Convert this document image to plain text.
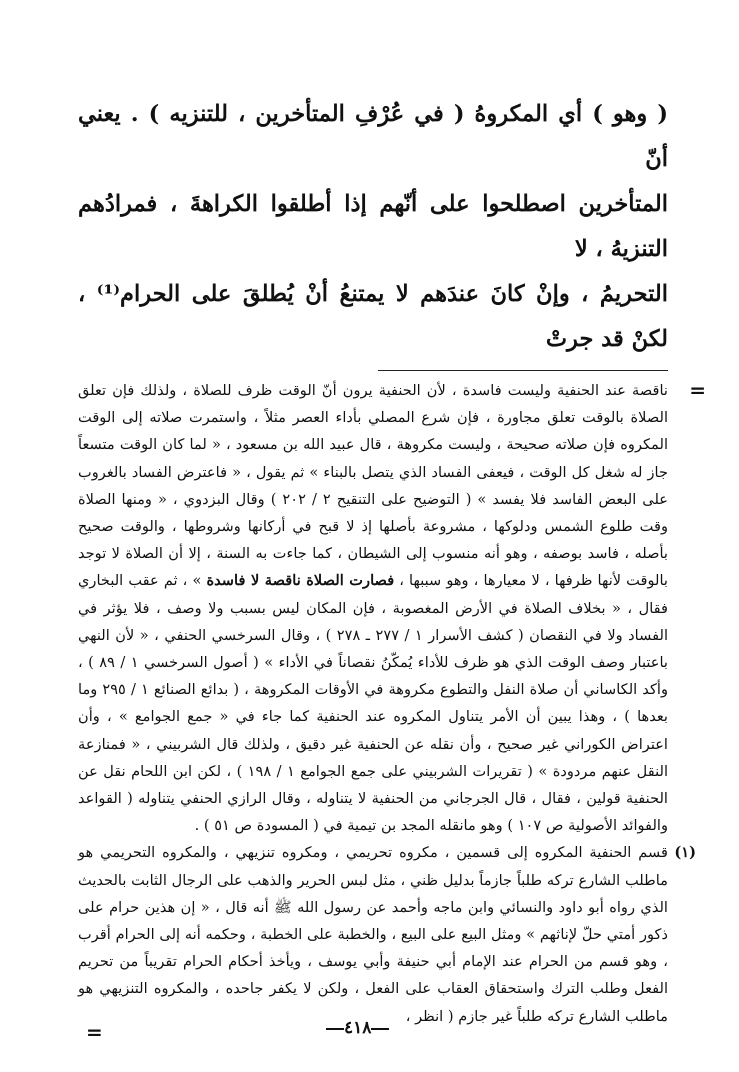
( وهو ) أي المكروهُ ( في عُرْفِ المتأخرين ، للتنزيه ) . يعني أنّ

المتأخرين اصطلحوا على أنّهم إذا أطلقوا الكراهةَ ، فمرادُهم التنزيهُ ، لا

التحريمُ ، وإنْ كانَ عندَهم لا يمتنعُ أنْ يُطلقَ على الحرام⁽¹⁾ ، لكنْ قد جرتْ

=

ناقصة عند الحنفية وليست فاسدة ، لأن الحنفية يرون أنّ الوقت ظرف للصلاة ، ولذلك فإن تعلق الصلاة بالوقت تعلق مجاورة ، فإن شرع المصلي بأداء العصر مثلاً ، واستمرت صلاته إلى الوقت المكروه فإن صلاته صحيحة ، وليست مكروهة ، قال عبيد الله بن مسعود ، « لما كان الوقت متسعاً جاز له شغل كل الوقت ، فيعفى الفساد الذي يتصل بالبناء » ثم يقول ، « فاعترض الفساد بالغروب على البعض الفاسد فلا يفسد » ( التوضيح على التنقيح ٢ / ٢٠٢ ) وقال البزدوي ، « ومنها الصلاة وقت طلوع الشمس ودلوكها ، مشروعة بأصلها إذ لا قبح في أركانها وشروطها ، والوقت صحيح بأصله ، فاسد بوصفه ، وهو أنه منسوب إلى الشيطان ، كما جاءت به السنة ، إلا أن الصلاة لا توجد بالوقت لأنها ظرفها ، لا معيارها ، وهو سببها ، فصارت الصلاة ناقصة لا فاسدة » ، ثم عقب البخاري فقال ، « بخلاف الصلاة في الأرض المغصوبة ، فإن المكان ليس بسبب ولا وصف ، فلا يؤثر في الفساد ولا في النقصان ( كشف الأسرار ١ / ٢٧٧ ـ ٢٧٨ ) ، وقال السرخسي الحنفي ، « لأن النهي باعتبار وصف الوقت الذي هو ظرف للأداء يُمكّنُ نقصاناً في الأداء » ( أصول السرخسي ١ / ٨٩ ) ، وأكد الكاساني أن صلاة النفل والتطوع مكروهة في الأوقات المكروهة ، ( بدائع الصنائع ١ / ٢٩٥ وما بعدها ) ، وهذا يبين أن الأمر يتناول المكروه عند الحنفية كما جاء في « جمع الجوامع » ، وأن اعتراض الكوراني غير صحيح ، وأن نقله عن الحنفية غير دقيق ، ولذلك قال الشربيني ، « فمنازعة النقل عنهم مردودة » ( تقريرات الشربيني على جمع الجوامع ١ / ١٩٨ ) ، لكن ابن اللحام نقل عن الحنفية قولين ، فقال ، قال الجرجاني من الحنفية لا يتناوله ، وقال الرازي الحنفي يتناوله ( القواعد والفوائد الأصولية ص ١٠٧ ) وهو مانقله المجد بن تيمية في ( المسودة ص ٥١ ) .

(١)
قسم الحنفية المكروه إلى قسمين ، مكروه تحريمي ، ومكروه تنزيهي ، والمكروه التحريمي هو ماطلب الشارع تركه طلباً جازماً بدليل ظني ، مثل لبس الحرير والذهب على الرجال الثابت بالحديث الذي رواه أبو داود والنسائي وابن ماجه وأحمد عن رسول الله ﷺ أنه قال ، « إن هذين حرام على ذكور أمتي حلّ لإناثهم » ومثل البيع على البيع ، والخطبة على الخطبة ، وحكمه أنه إلى الحرام أقرب ، وهو قسم من الحرام عند الإمام أبي حنيفة وأبي يوسف ، ويأخذ أحكام الحرام تقريباً من تحريم الفعل وطلب الترك واستحقاق العقاب على الفعل ، ولكن لا يكفر جاحده ، والمكروه التنزيهي هو ماطلب الشارع تركه طلباً غير جازم ( انظر ،

=	٤١٨
